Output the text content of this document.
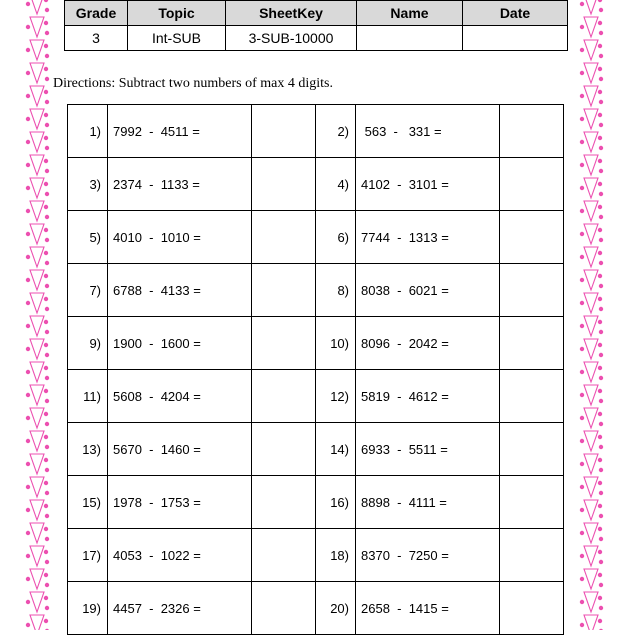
Grade	Topic	SheetKey	Name	Date
3	Int-SUB	3-SUB-10000		
Directions: Subtract two numbers of max 4 digits.
1)	7992  -  4511 =		2)	563  -   331 =	
3)	2374  -  1133 =		4)	4102  -  3101 =	
5)	4010  -  1010 =		6)	7744  -  1313 =	
7)	6788  -  4133 =		8)	8038  -  6021 =	
9)	1900  -  1600 =		10)	8096  -  2042 =	
11)	5608  -  4204 =		12)	5819  -  4612 =	
13)	5670  -  1460 =		14)	6933  -  5511 =	
15)	1978  -  1753 =		16)	8898  -  4111 =	
17)	4053  -  1022 =		18)	8370  -  7250 =	
19)	4457  -  2326 =		20)	2658  -  1415 =	
